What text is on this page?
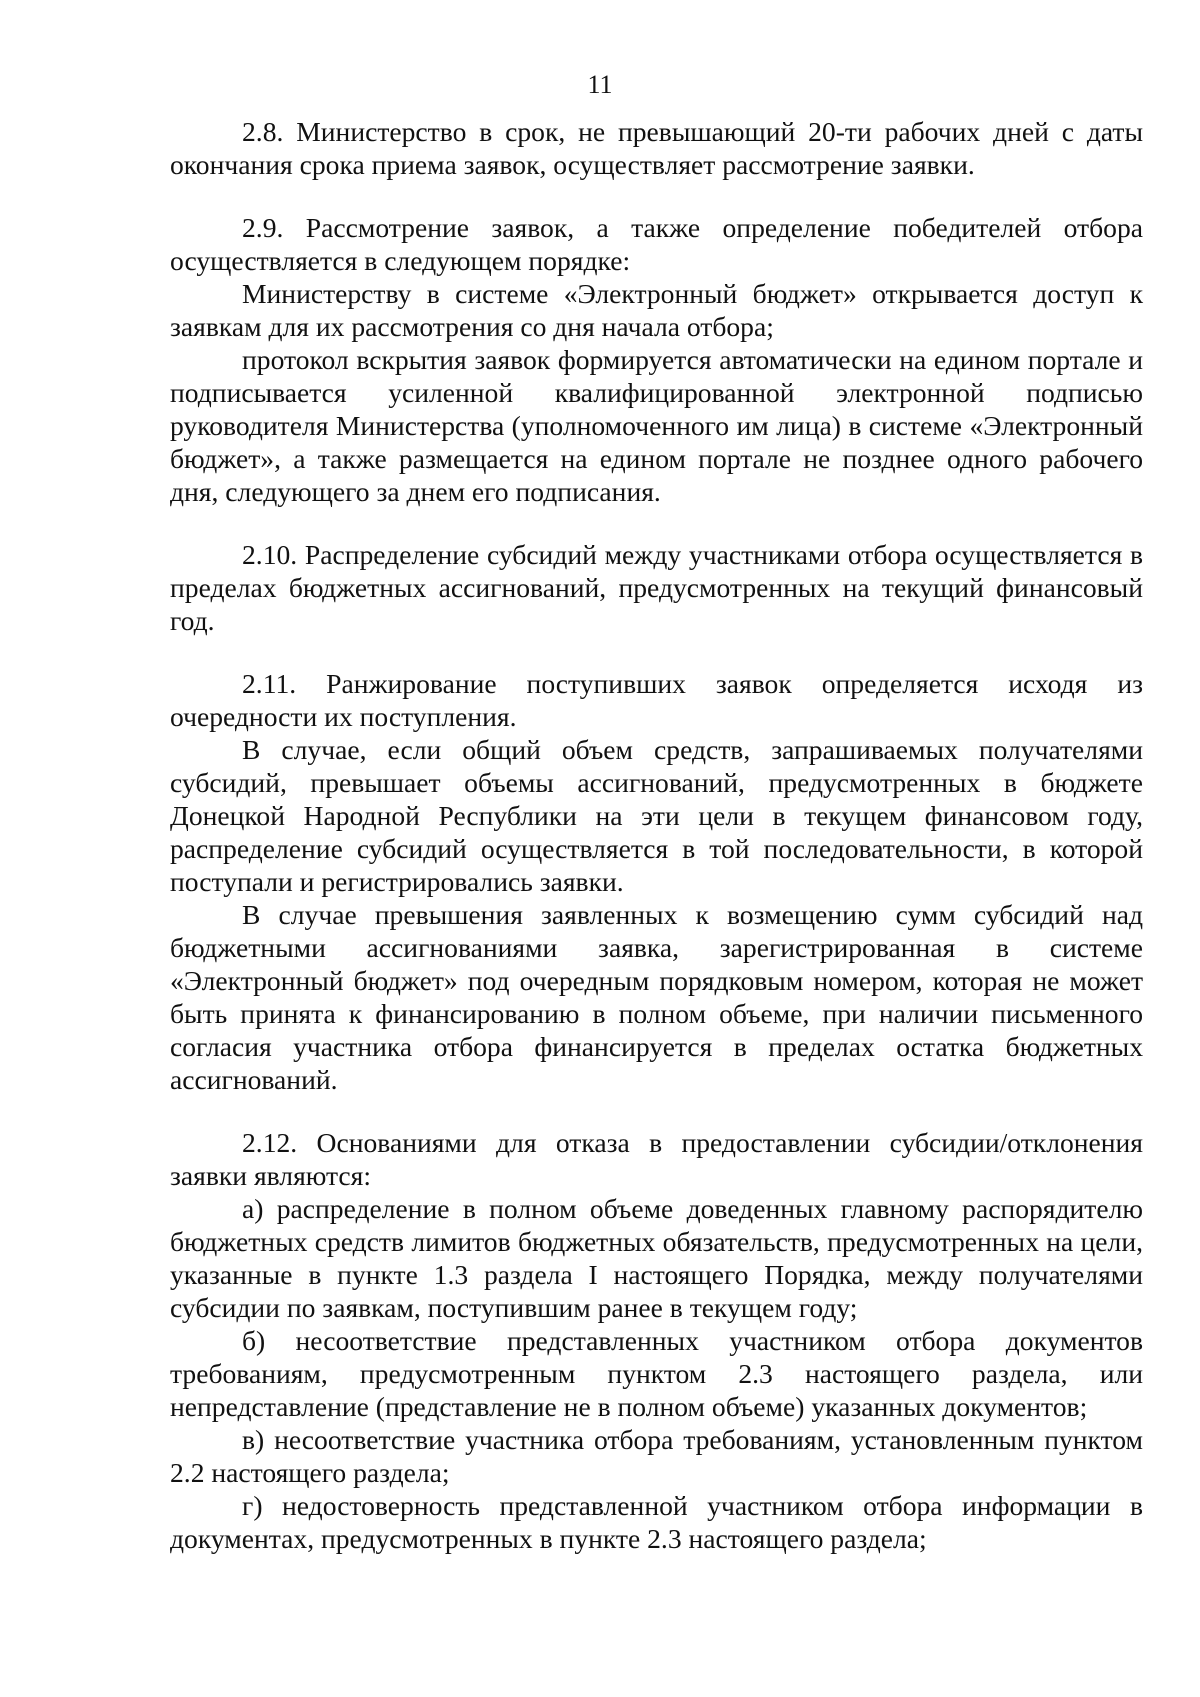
11

2.8. Министерство в срок, не превышающий 20-ти рабочих дней с даты окончания срока приема заявок, осуществляет рассмотрение заявки.

2.9. Рассмотрение заявок, а также определение победителей отбора осуществляется в следующем порядке:

Министерству в системе «Электронный бюджет» открывается доступ к заявкам для их рассмотрения со дня начала отбора;

протокол вскрытия заявок формируется автоматически на едином портале и подписывается усиленной квалифицированной электронной подписью руководителя Министерства (уполномоченного им лица) в системе «Электронный бюджет», а также размещается на едином портале не позднее одного рабочего дня, следующего за днем его подписания.

2.10. Распределение субсидий между участниками отбора осуществляется в пределах бюджетных ассигнований, предусмотренных на текущий финансовый год.

2.11. Ранжирование поступивших заявок определяется исходя из очередности их поступления.

В случае, если общий объем средств, запрашиваемых получателями субсидий, превышает объемы ассигнований, предусмотренных в бюджете Донецкой Народной Республики на эти цели в текущем финансовом году, распределение субсидий осуществляется в той последовательности, в которой поступали и регистрировались заявки.

В случае превышения заявленных к возмещению сумм субсидий над бюджетными ассигнованиями заявка, зарегистрированная в системе «Электронный бюджет» под очередным порядковым номером, которая не может быть принята к финансированию в полном объеме, при наличии письменного согласия участника отбора финансируется в пределах остатка бюджетных ассигнований.

2.12. Основаниями для отказа в предоставлении субсидии/отклонения заявки являются:

а) распределение в полном объеме доведенных главному распорядителю бюджетных средств лимитов бюджетных обязательств, предусмотренных на цели, указанные в пункте 1.3 раздела I настоящего Порядка, между получателями субсидии по заявкам, поступившим ранее в текущем году;

б) несоответствие представленных участником отбора документов требованиям, предусмотренным пунктом 2.3 настоящего раздела, или непредставление (представление не в полном объеме) указанных документов;

в) несоответствие участника отбора требованиям, установленным пунктом 2.2 настоящего раздела;

г) недостоверность представленной участником отбора информации в документах, предусмотренных в пункте 2.3 настоящего раздела;
